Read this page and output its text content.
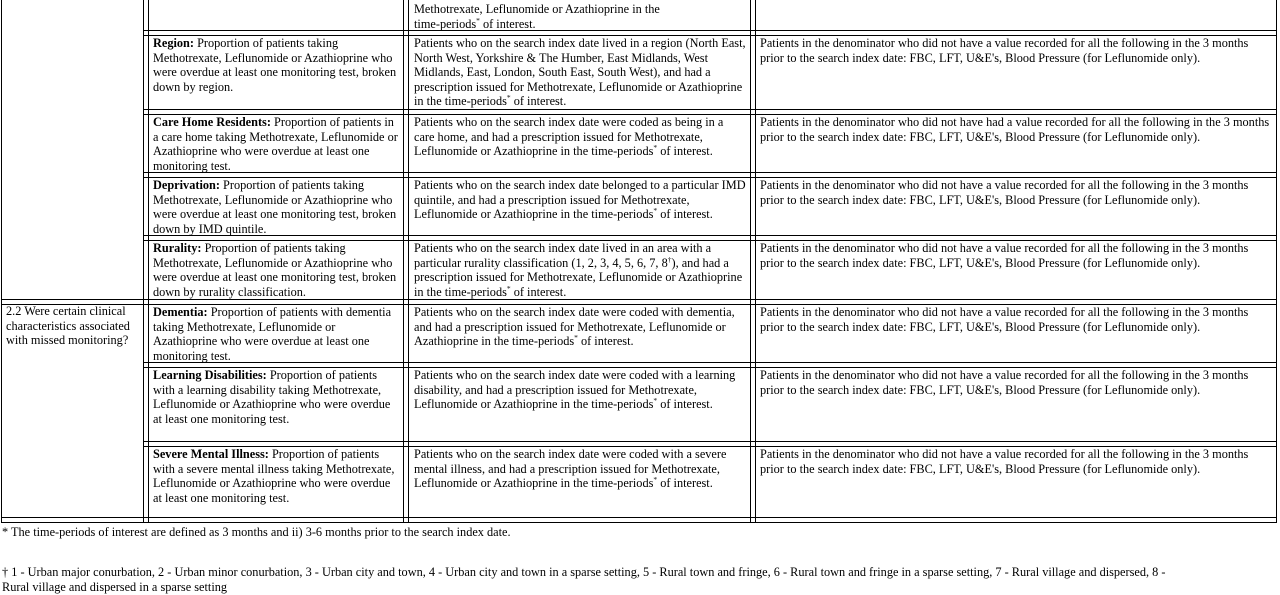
2.2 Were certain clinical characteristics associated with missed monitoring?
Methotrexate, Leflunomide or Azathioprine in the
time-periods* of interest.
Region: Proportion of patients taking Methotrexate, Leflunomide or Azathioprine who were overdue at least one monitoring test, broken down by region.
Patients who on the search index date lived in a region (North East, North West, Yorkshire & The Humber, East Midlands, West Midlands, East, London, South East, South West), and had a prescription issued for Methotrexate, Leflunomide or Azathioprine in the time-periods* of interest.
Patients in the denominator who did not have a value recorded for all the following in the 3 months prior to the search index date: FBC, LFT, U&E's, Blood Pressure (for Leflunomide only).
Care Home Residents: Proportion of patients in a care home taking Methotrexate, Leflunomide or Azathioprine who were overdue at least one monitoring test.
Patients who on the search index date were coded as being in a care home, and had a prescription issued for Methotrexate, Leflunomide or Azathioprine in the time-periods* of interest.
Patients in the denominator who did not have had a value recorded for all the following in the 3 months prior to the search index date: FBC, LFT, U&E's, Blood Pressure (for Leflunomide only).
Deprivation: Proportion of patients taking Methotrexate, Leflunomide or Azathioprine who were overdue at least one monitoring test, broken down by IMD quintile.
Patients who on the search index date belonged to a particular IMD quintile, and had a prescription issued for Methotrexate, Leflunomide or Azathioprine in the time-periods* of interest.
Patients in the denominator who did not have a value recorded for all the following in the 3 months prior to the search index date: FBC, LFT, U&E's, Blood Pressure (for Leflunomide only).
Rurality: Proportion of patients taking Methotrexate, Leflunomide or Azathioprine who were overdue at least one monitoring test, broken down by rurality classification.
Patients who on the search index date lived in an area with a particular rurality classification (1, 2, 3, 4, 5, 6, 7, 8†), and had a prescription issued for Methotrexate, Leflunomide or Azathioprine in the time-periods* of interest.
Patients in the denominator who did not have a value recorded for all the following in the 3 months prior to the search index date: FBC, LFT, U&E's, Blood Pressure (for Leflunomide only).
Dementia: Proportion of patients with dementia taking Methotrexate, Leflunomide or Azathioprine who were overdue at least one monitoring test.
Patients who on the search index date were coded with dementia, and had a prescription issued for Methotrexate, Leflunomide or Azathioprine in the time-periods* of interest.
Patients in the denominator who did not have a value recorded for all the following in the 3 months prior to the search index date: FBC, LFT, U&E's, Blood Pressure (for Leflunomide only).
Learning Disabilities: Proportion of patients with a learning disability taking Methotrexate, Leflunomide or Azathioprine who were overdue at least one monitoring test.
Patients who on the search index date were coded with a learning disability, and had a prescription issued for Methotrexate, Leflunomide or Azathioprine in the time-periods* of interest.
Patients in the denominator who did not have a value recorded for all the following in the 3 months prior to the search index date: FBC, LFT, U&E's, Blood Pressure (for Leflunomide only).
Severe Mental Illness: Proportion of patients with a severe mental illness taking Methotrexate, Leflunomide or Azathioprine who were overdue at least one monitoring test.
Patients who on the search index date were coded with a severe mental illness, and had a prescription issued for Methotrexate, Leflunomide or Azathioprine in the time-periods* of interest.
Patients in the denominator who did not have a value recorded for all the following in the 3 months prior to the search index date: FBC, LFT, U&E's, Blood Pressure (for Leflunomide only).
* The time-periods of interest are defined as 3 months and ii) 3-6 months prior to the search index date.
† 1 - Urban major conurbation, 2 - Urban minor conurbation, 3 - Urban city and town, 4 - Urban city and town in a sparse setting, 5 - Rural town and fringe, 6 - Rural town and fringe in a sparse setting, 7 - Rural village and dispersed, 8 - Rural village and dispersed in a sparse setting
